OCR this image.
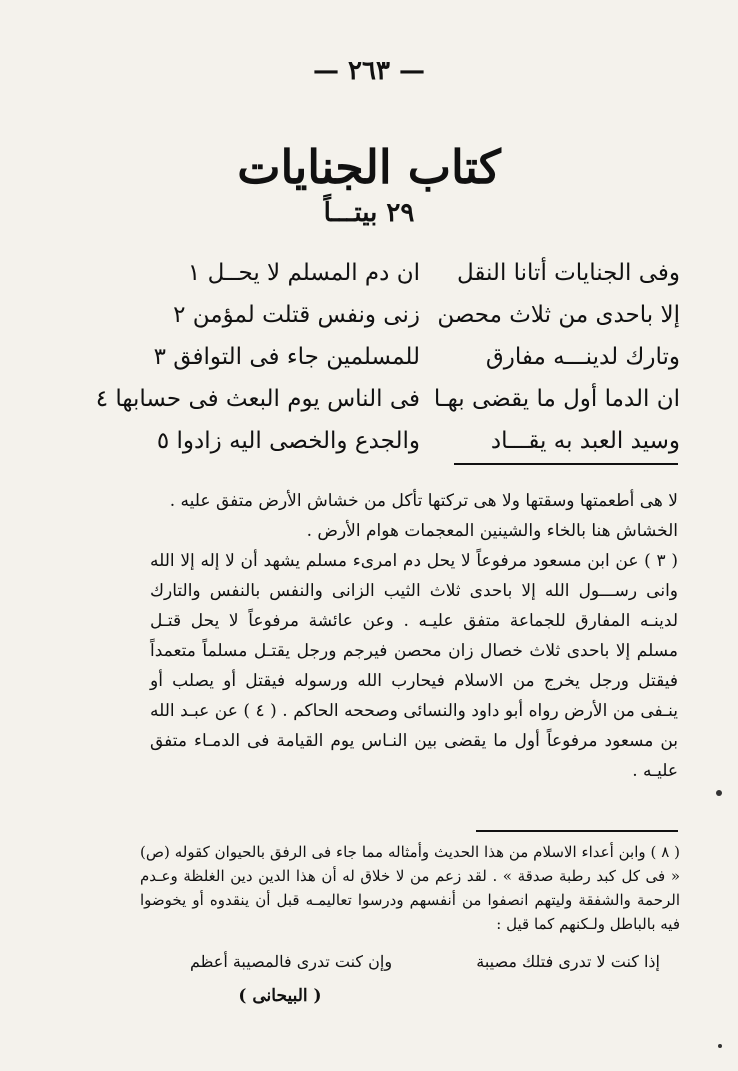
— ٢٦٣ —
كتاب الجنايات
٢٩ بيتـــاً
وفى الجنايات أتانا النقل
ان دم المسلم لا يحــل ١
إلا باحدى من ثلاث محصن
زنى ونفس قتلت لمؤمن ٢
وتارك لدينـــه مفارق
للمسلمين جاء فى التوافق ٣
ان الدما أول ما يقضى بهـا
فى الناس يوم البعث فى حسابها ٤
وسيد العبد به يقـــاد
والجدع والخصى اليه زادوا ٥

لا هى أطعمتها وسقتها ولا هى تركتها تأكل من خشاش الأرض متفق عليه .

الخشاش هنا بالخاء والشينين المعجمات هوام الأرض .

( ٣ ) عن ابن مسعود مرفوعاً لا يحل دم امرىء مسلم يشهد أن لا إله إلا الله وانى رســـول الله إلا باحدى ثلاث الثيب الزانى والنفس بالنفس والتارك لدينـه المفارق للجماعة متفق عليـه . وعن عائشة مرفوعاً لا يحل قتـل مسلم إلا باحدى ثلاث خصال زان محصن فيرجم ورجل يقتـل مسلماً متعمداً فيقتل ورجل يخرج من الاسلام فيحارب الله ورسوله فيقتل أو يصلب أو ينـفى من الأرض رواه أبو داود والنسائى وصححه الحاكم . ( ٤ ) عن عبـد الله بن مسعود مرفوعاً أول ما يقضى بين النـاس يوم القيامة فى الدمـاء متفق عليـه .

( ٨ ) وابن أعداء الاسلام من هذا الحديث وأمثاله مما جاء فى الرفق بالحيوان كقوله (ص) « فى كل كبد رطبة صدقة » . لقد زعم من لا خلاق له أن هذا الدين دين الغلظة وعـدم الرحمة والشفقة وليتهم انصفوا من أنفسهم ودرسوا تعاليمـه قبل أن ينقدوه أو يخوضوا فيه بالباطل ولـكنهم كما قيل :

إذا كنت لا تدرى فتلك مصيبة
وإن كنت تدرى فالمصيبة أعظم
( البيحانى )
